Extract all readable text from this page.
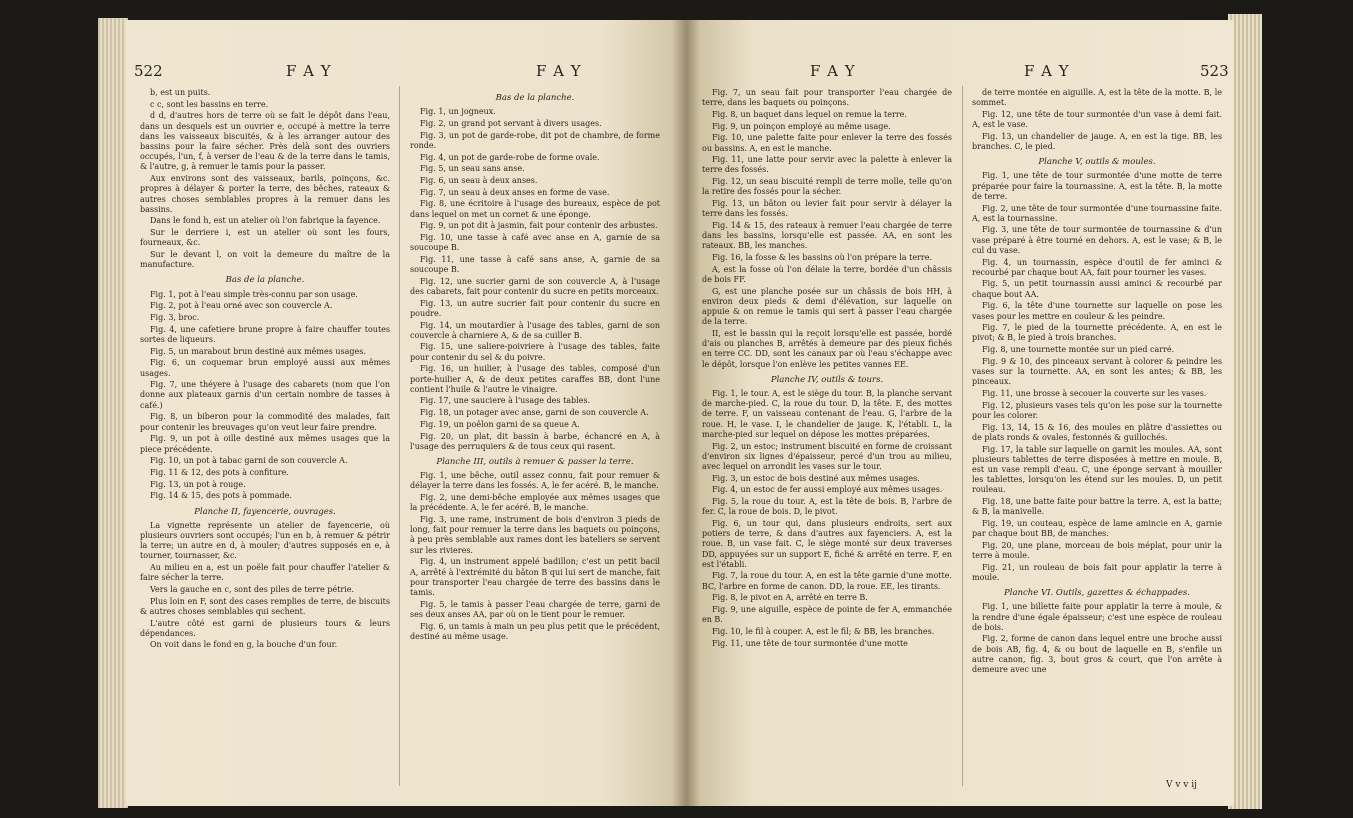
522	F A Y	F A Y

b, est un puits.

c c, sont les bassins en terre.

d d, d'autres hors de terre où se fait le dépôt dans l'eau, dans un desquels est un ouvrier e, occupé à mettre la terre dans les vaisseaux biscuités, & à les arranger autour des bassins pour la faire sécher. Près delà sont des ouvriers occupés, l'un, f, à verser de l'eau & de la terre dans le tamis, & l'autre, g, à remuer le tamis pour la passer.

Aux environs sont des vaisseaux, barils, poinçons, &c. propres à délayer & porter la terre, des bêches, rateaux & autres choses semblables propres à la remuer dans les bassins.

Dans le fond h, est un atelier où l'on fabrique la fayence.

Sur le derriere i, est un atelier où sont les fours, fourneaux, &c.

Sur le devant l, on voit la demeure du maître de la manufacture.

Bas de la planche.

Fig. 1, pot à l'eau simple très-connu par son usage.

Fig. 2, pot à l'eau orné avec son couvercle A.

Fig. 3, broc.

Fig. 4, une cafetiere brune propre à faire chauffer toutes sortes de liqueurs.

Fig. 5, un marabout brun destiné aux mêmes usages.

Fig. 6, un coquemar brun employé aussi aux mêmes usages.

Fig. 7, une théyere à l'usage des cabarets (nom que l'on donne aux plateaux garnis d'un certain nombre de tasses à café.)

Fig. 8, un biberon pour la commodité des malades, fait pour contenir les breuvages qu'on veut leur faire prendre.

Fig. 9, un pot à oille destiné aux mêmes usages que la piece précédente.

Fig. 10, un pot à tabac garni de son couvercle A.

Fig. 11 & 12, des pots à confiture.

Fig. 13, un pot à rouge.

Fig. 14 & 15, des pots à pommade.

Planche II, fayencerie, ouvrages.

La vignette représente un atelier de fayencerie, où plusieurs ouvriers sont occupés; l'un en b, à remuer & pétrir la terre; un autre en d, à mouler; d'autres supposés en e, à tourner, tournasser, &c.

Au milieu en a, est un poële fait pour chauffer l'atelier & faire sécher la terre.

Vers la gauche en c, sont des piles de terre pétrie.

Plus loin en F, sont des cases remplies de terre, de biscuits & autres choses semblables qui sechent.

L'autre côté est garni de plusieurs tours & leurs dépendances.

On voit dans le fond en g, la bouche d'un four.

Bas de la planche.

Fig. 1, un jogneux.

Fig. 2, un grand pot servant à divers usages.

Fig. 3, un pot de garde-robe, dit pot de chambre, de forme ronde.

Fig. 4, un pot de garde-robe de forme ovale.

Fig. 5, un seau sans anse.

Fig. 6, un seau à deux anses.

Fig. 7, un seau à deux anses en forme de vase.

Fig. 8, une écritoire à l'usage des bureaux, espèce de pot dans lequel on met un cornet & une éponge.

Fig. 9, un pot dit à jasmin, fait pour contenir des arbustes.

Fig. 10, une tasse à café avec anse en A, garnie de sa soucoupe B.

Fig. 11, une tasse à café sans anse, A, garnie de sa soucoupe B.

Fig. 12, une sucrier garni de son couvercle A, à l'usage des cabarets, fait pour contenir du sucre en petits morceaux.

Fig. 13, un autre sucrier fait pour contenir du sucre en poudre.

Fig. 14, un moutardier à l'usage des tables, garni de son couvercle à charniere A, & de sa cuiller B.

Fig. 15, une saliere-poivriere à l'usage des tables, faite pour contenir du sel & du poivre.

Fig. 16, un huilier, à l'usage des tables, composé d'un porte-huilier A, & de deux petites caraffes BB, dont l'une contient l'huile & l'autre le vinaigre.

Fig. 17, une sauciere à l'usage des tables.

Fig. 18, un potager avec anse, garni de son couvercle A.

Fig. 19, un poêlon garni de sa queue A.

Fig. 20, un plat, dit bassin à barbe, échancré en A, à l'usage des perruquiers & de tous ceux qui rasent.

Planche III, outils à remuer & passer la terre.

Fig. 1, une bêche, outil assez connu, fait pour remuer & délayer la terre dans les fossés. A, le fer acéré. B, le manche.

Fig. 2, une demi-bêche employée aux mêmes usages que la précédente. A, le fer acéré. B, le manche.

Fig. 3, une rame, instrument de bois d'environ 3 pieds de long, fait pour remuer la terre dans les baquets ou poinçons, à peu près semblable aux rames dont les bateliers se servent sur les rivieres.

Fig. 4, un instrument appelé badillon; c'est un petit bacil A, arrêté à l'extrémité du bâton B qui lui sert de manche, fait pour transporter l'eau chargée de terre des bassins dans le tamis.

Fig. 5, le tamis à passer l'eau chargée de terre, garni de ses deux anses AA, par où on le tient pour le remuer.

Fig. 6, un tamis à main un peu plus petit que le précédent, destiné au même usage.

F A Y	F A Y	523

Fig. 7, un seau fait pour transporter l'eau chargée de terre, dans les baquets ou poinçons.

Fig. 8, un baquet dans lequel on remue la terre.

Fig. 9, un poinçon employé au même usage.

Fig. 10, une palette faite pour enlever la terre des fossés ou bassins. A, en est le manche.

Fig. 11, une latte pour servir avec la palette à enlever la terre des fossés.

Fig. 12, un seau biscuité rempli de terre molle, telle qu'on la retire des fossés pour la sécher.

Fig. 13, un bâton ou levier fait pour servir à délayer la terre dans les fossés.

Fig. 14 & 15, des rateaux à remuer l'eau chargée de terre dans les bassins, lorsqu'elle est passée. AA, en sont les rateaux. BB, les manches.

Fig. 16, la fosse & les bassins où l'on prépare la terre.

A, est la fosse où l'on délaie la terre, bordée d'un châssis de bois FF.

G, est une planche posée sur un châssis de bois HH, à environ deux pieds & demi d'élévation, sur laquelle on appuie & on remue le tamis qui sert à passer l'eau chargée de la terre.

II, est le bassin qui la reçoit lorsqu'elle est passée, bordé d'ais ou planches B, arrêtés à demeure par des pieux fichés en terre CC. DD, sont les canaux par où l'eau s'échappe avec le dépôt, lorsque l'on enlève les petites vannes EE.

Planche IV, outils & tours.

Fig. 1, le tour. A, est le siège du tour. B, la planche servant de marche-pied. C, la roue du tour. D, la tête. E, des mottes de terre. F, un vaisseau contenant de l'eau. G, l'arbre de la roue. H, le vase. I, le chandelier de jauge. K, l'établi. L, la marche-pied sur lequel on dépose les mottes préparées.

Fig. 2, un estoc; instrument biscuité en forme de croissant d'environ six lignes d'épaisseur, percé d'un trou au milieu, avec lequel on arrondit les vases sur le tour.

Fig. 3, un estoc de bois destiné aux mêmes usages.

Fig. 4, un estoc de fer aussi employé aux mêmes usages.

Fig. 5, la roue du tour. A, est la tête de bois. B, l'arbre de fer. C, la roue de bois. D, le pivot.

Fig. 6, un tour qui, dans plusieurs endroits, sert aux potiers de terre, & dans d'autres aux fayenciers. A, est la roue. B, un vase fait. C, le siège monté sur deux traverses DD, appuyées sur un support E, fiché & arrêté en terre. F, en est l'établi.

Fig. 7, la roue du tour. A, en est la tête garnie d'une motte. BC, l'arbre en forme de canon. DD, la roue. EE, les tirants.

Fig. 8, le pivot en A, arrêté en terre B.

Fig. 9, une aiguille, espèce de pointe de fer A, emmanchée en B.

Fig. 10, le fil à couper. A, est le fil; & BB, les branches.

Fig. 11, une tête de tour surmontée d'une motte

de terre montée en aiguille. A, est la tête de la motte. B, le sommet.

Fig. 12, une tête de tour surmontée d'un vase à demi fait. A, est le vase.

Fig. 13, un chandelier de jauge. A, en est la tige. BB, les branches. C, le pied.

Planche V, outils & moules.

Fig. 1, une tête de tour surmontée d'une motte de terre préparée pour faire la tournassine. A, est la tête. B, la motte de terre.

Fig. 2, une tête de tour surmontée d'une tournassine faite. A, est la tournassine.

Fig. 3, une tête de tour surmontée de tournassine & d'un vase préparé à être tourné en dehors. A, est le vase; & B, le cul du vase.

Fig. 4, un tournassin, espèce d'outil de fer aminci & recourbé par chaque bout AA, fait pour tourner les vases.

Fig. 5, un petit tournassin aussi aminci & recourbé par chaque bout AA.

Fig. 6, la tête d'une tournette sur laquelle on pose les vases pour les mettre en couleur & les peindre.

Fig. 7, le pied de la tournette précédente. A, en est le pivot; & B, le pied à trois branches.

Fig. 8, une tournette montée sur un pied carré.

Fig. 9 & 10, des pinceaux servant à colorer & peindre les vases sur la tournette. AA, en sont les antes; & BB, les pinceaux.

Fig. 11, une brosse à secouer la couverte sur les vases.

Fig. 12, plusieurs vases tels qu'on les pose sur la tournette pour les colorer.

Fig. 13, 14, 15 & 16, des moules en plâtre d'assiettes ou de plats ronds & ovales, festonnés & guillochés.

Fig. 17, la table sur laquelle on garnit les moules. AA, sont plusieurs tablettes de terre disposées à mettre en moule. B, est un vase rempli d'eau. C, une éponge servant à mouiller les tablettes, lorsqu'on les étend sur les moules. D, un petit rouleau.

Fig. 18, une batte faite pour battre la terre. A, est la batte; & B, la manivelle.

Fig. 19, un couteau, espèce de lame amincie en A, garnie par chaque bout BB, de manches.

Fig. 20, une plane, morceau de bois méplat, pour unir la terre à moule.

Fig. 21, un rouleau de bois fait pour applatir la terre à moule.

Planche VI. Outils, gazettes & échappades.

Fig. 1, une billette faite pour applatir la terre à moule, & la rendre d'une égale épaisseur; c'est une espèce de rouleau de bois.

Fig. 2, forme de canon dans lequel entre une broche aussi de bois AB, fig. 4, & ou bout de laquelle en B, s'enfile un autre canon, fig. 3, bout gros & court, que l'on arrête à demeure avec une

V v v ij
